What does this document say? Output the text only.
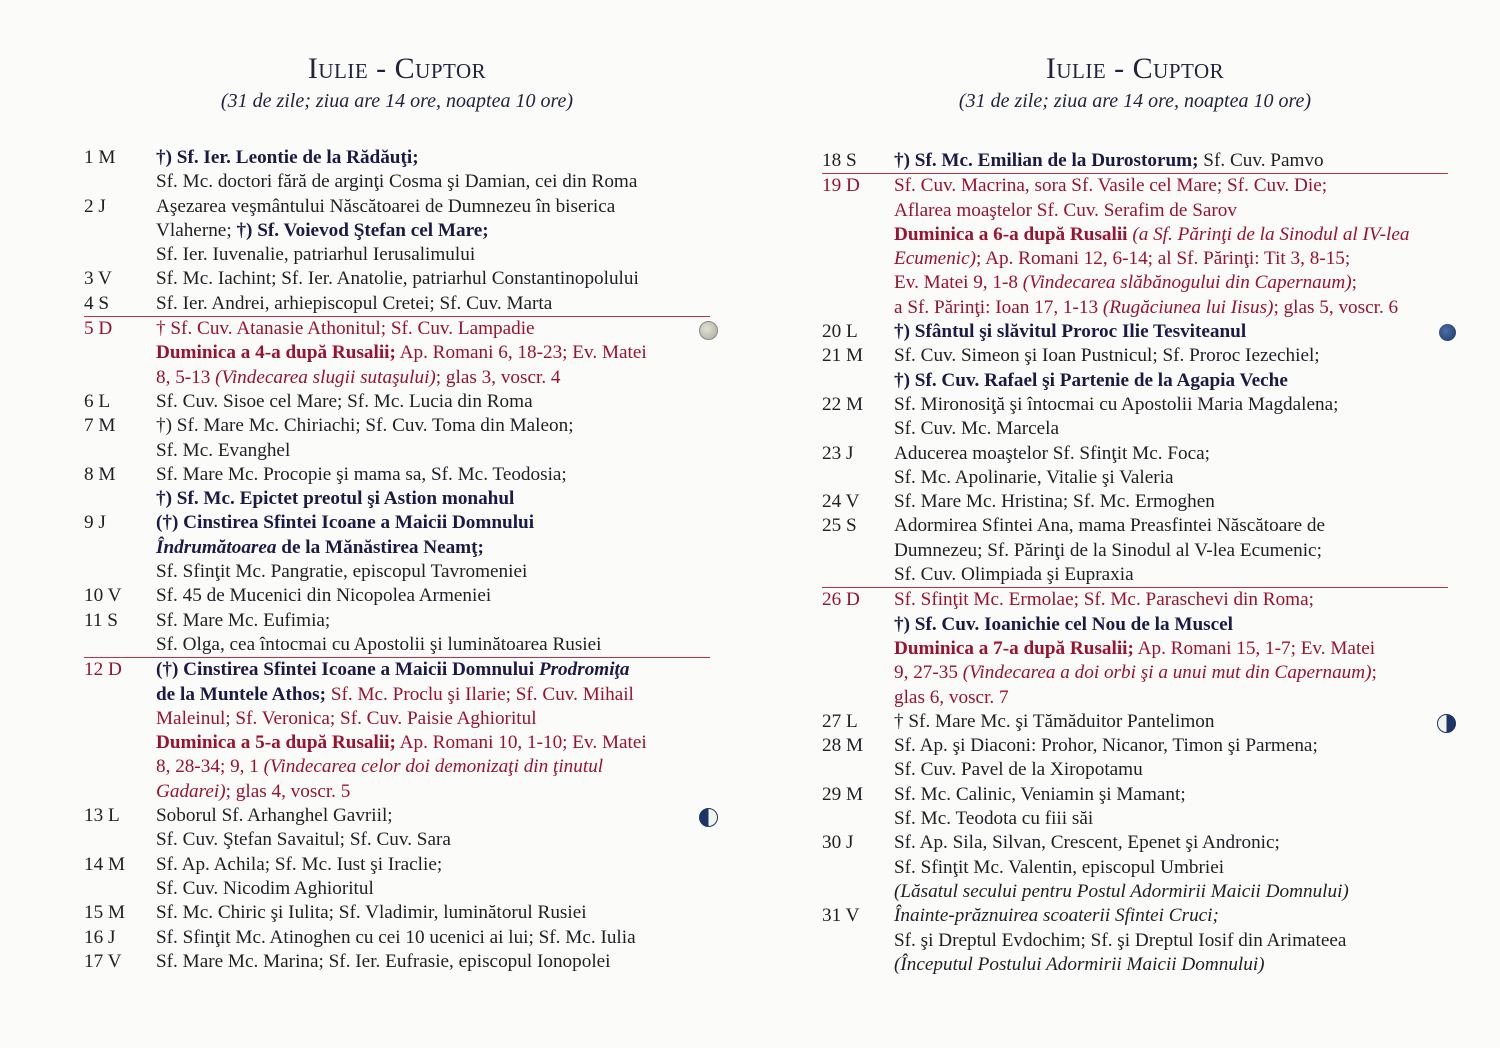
Iulie - Cuptor

(31 de zile; ziua are 14 ore, noaptea 10 ore)

1 M	†) Sf. Ier. Leontie de la Rădăuţi;
Sf. Mc. doctori fără de arginţi Cosma şi Damian, cei din Roma
2 J	Aşezarea veşmântului Născătoarei de Dumnezeu în biserica
Vlaherne; †) Sf. Voievod Ştefan cel Mare;
Sf. Ier. Iuvenalie, patriarhul Ierusalimului
3 V	Sf. Mc. Iachint; Sf. Ier. Anatolie, patriarhul Constantinopolului
4 S	Sf. Ier. Andrei, arhiepiscopul Cretei; Sf. Cuv. Marta
5 D	† Sf. Cuv. Atanasie Athonitul; Sf. Cuv. Lampadie
Duminica a 4-a după Rusalii; Ap. Romani 6, 18-23; Ev. Matei
8, 5-13 (Vindecarea slugii sutaşului); glas 3, voscr. 4
6 L	Sf. Cuv. Sisoe cel Mare; Sf. Mc. Lucia din Roma
7 M	†) Sf. Mare Mc. Chiriachi; Sf. Cuv. Toma din Maleon;
Sf. Mc. Evanghel
8 M	Sf. Mare Mc. Procopie şi mama sa, Sf. Mc. Teodosia;
†) Sf. Mc. Epictet preotul şi Astion monahul
9 J	(†) Cinstirea Sfintei Icoane a Maicii Domnului
Îndrumătoarea de la Mănăstirea Neamţ;
Sf. Sfinţit Mc. Pangratie, episcopul Tavromeniei
10 V	Sf. 45 de Mucenici din Nicopolea Armeniei
11 S	Sf. Mare Mc. Eufimia;
Sf. Olga, cea întocmai cu Apostolii şi luminătoarea Rusiei
12 D	(†) Cinstirea Sfintei Icoane a Maicii Domnului Prodromiţa
de la Muntele Athos; Sf. Mc. Proclu şi Ilarie; Sf. Cuv. Mihail
Maleinul; Sf. Veronica; Sf. Cuv. Paisie Aghioritul
Duminica a 5-a după Rusalii; Ap. Romani 10, 1-10; Ev. Matei
8, 28-34; 9, 1 (Vindecarea celor doi demonizaţi din ţinutul
Gadarei); glas 4, voscr. 5
13 L	Soborul Sf. Arhanghel Gavriil;
Sf. Cuv. Ştefan Savaitul; Sf. Cuv. Sara
14 M	Sf. Ap. Achila; Sf. Mc. Iust şi Iraclie;
Sf. Cuv. Nicodim Aghioritul
15 M	Sf. Mc. Chiric şi Iulita; Sf. Vladimir, luminătorul Rusiei
16 J	Sf. Sfinţit Mc. Atinoghen cu cei 10 ucenici ai lui; Sf. Mc. Iulia
17 V	Sf. Mare Mc. Marina; Sf. Ier. Eufrasie, episcopul Ionopolei
Iulie - Cuptor

(31 de zile; ziua are 14 ore, noaptea 10 ore)

18 S	†) Sf. Mc. Emilian de la Durostorum; Sf. Cuv. Pamvo
19 D	Sf. Cuv. Macrina, sora Sf. Vasile cel Mare; Sf. Cuv. Die;
Aflarea moaştelor Sf. Cuv. Serafim de Sarov
Duminica a 6-a după Rusalii (a Sf. Părinţi de la Sinodul al IV-lea
Ecumenic); Ap. Romani 12, 6-14; al Sf. Părinţi: Tit 3, 8-15;
Ev. Matei 9, 1-8 (Vindecarea slăbănogului din Capernaum);
a Sf. Părinţi: Ioan 17, 1-13 (Rugăciunea lui Iisus); glas 5, voscr. 6
20 L	†) Sfântul şi slăvitul Proroc Ilie Tesviteanul
21 M	Sf. Cuv. Simeon şi Ioan Pustnicul; Sf. Proroc Iezechiel;
†) Sf. Cuv. Rafael şi Partenie de la Agapia Veche
22 M	Sf. Mironosiţă şi întocmai cu Apostolii Maria Magdalena;
Sf. Cuv. Mc. Marcela
23 J	Aducerea moaştelor Sf. Sfinţit Mc. Foca;
Sf. Mc. Apolinarie, Vitalie şi Valeria
24 V	Sf. Mare Mc. Hristina; Sf. Mc. Ermoghen
25 S	Adormirea Sfintei Ana, mama Preasfintei Născătoare de
Dumnezeu; Sf. Părinţi de la Sinodul al V-lea Ecumenic;
Sf. Cuv. Olimpiada şi Eupraxia
26 D	Sf. Sfinţit Mc. Ermolae; Sf. Mc. Paraschevi din Roma;
†) Sf. Cuv. Ioanichie cel Nou de la Muscel
Duminica a 7-a după Rusalii; Ap. Romani 15, 1-7; Ev. Matei
9, 27-35 (Vindecarea a doi orbi şi a unui mut din Capernaum);
glas 6, voscr. 7
27 L	† Sf. Mare Mc. şi Tămăduitor Pantelimon
28 M	Sf. Ap. şi Diaconi: Prohor, Nicanor, Timon şi Parmena;
Sf. Cuv. Pavel de la Xiropotamu
29 M	Sf. Mc. Calinic, Veniamin şi Mamant;
Sf. Mc. Teodota cu fiii săi
30 J	Sf. Ap. Sila, Silvan, Crescent, Epenet şi Andronic;
Sf. Sfinţit Mc. Valentin, episcopul Umbriei
(Lăsatul secului pentru Postul Adormirii Maicii Domnului)
31 V	Înainte-prăznuirea scoaterii Sfintei Cruci;
Sf. şi Dreptul Evdochim; Sf. şi Dreptul Iosif din Arimateea
(Începutul Postului Adormirii Maicii Domnului)
